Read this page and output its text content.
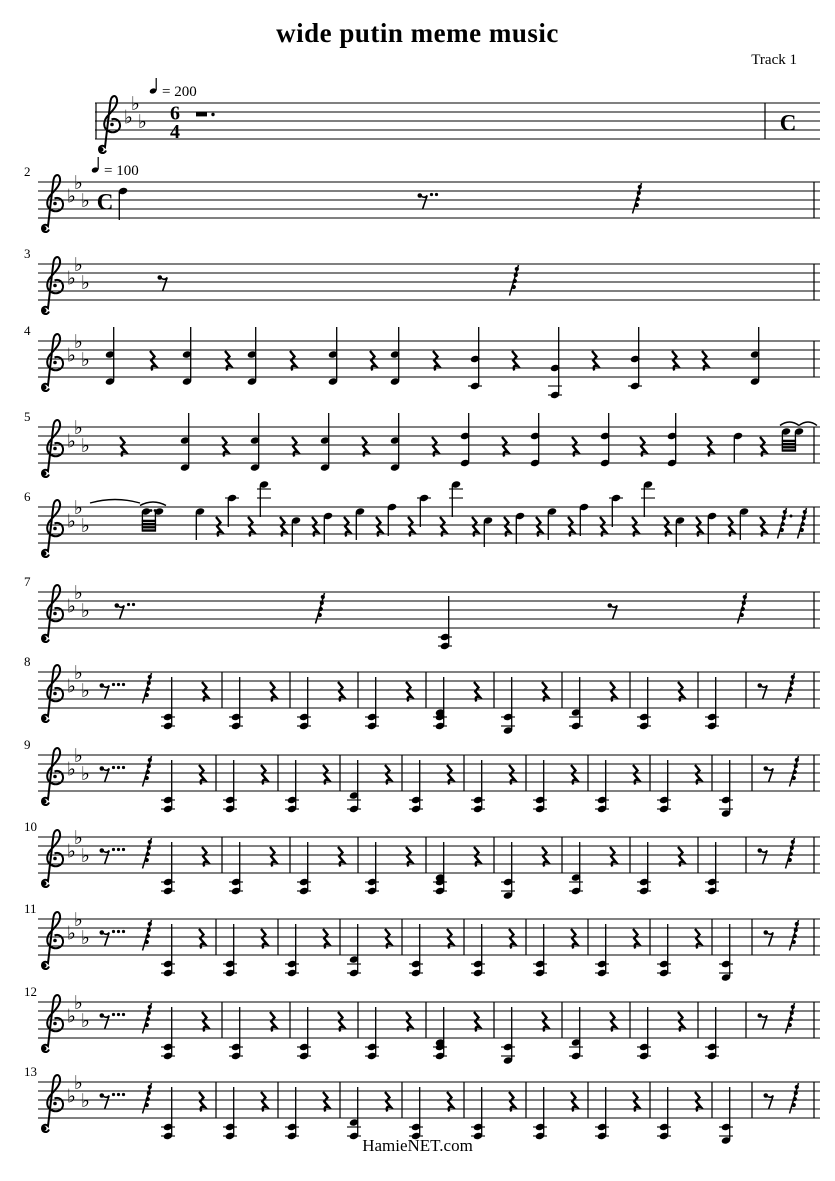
wide putin meme music
Track 1
♭
♭
♭ 6
4
= 200
C
2
♭
♭
♭ C
= 100
3
♭
♭
♭
4
♭
♭
♭
5
♭
♭
♭
6
♭
♭
♭
7
♭
♭
♭
8
♭
♭
♭
9
♭
♭
♭
10
♭
♭
♭
11
♭
♭
♭
12
♭
♭
♭
13
♭
♭
♭
HamieNET.com
